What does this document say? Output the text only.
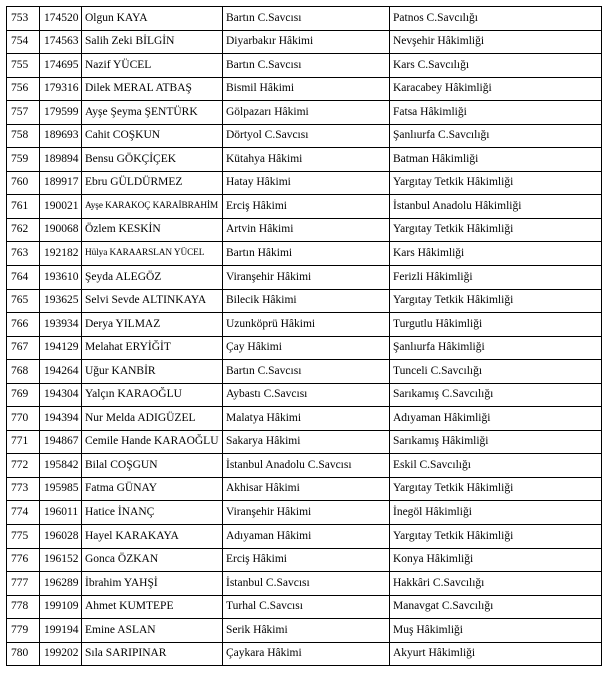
753	174520	Olgun KAYA	Bartın C.Savcısı	Patnos C.Savcılığı
754	174563	Salih Zeki BİLGİN	Diyarbakır Hâkimi	Nevşehir Hâkimliği
755	174695	Nazif YÜCEL	Bartın C.Savcısı	Kars C.Savcılığı
756	179316	Dilek MERAL ATBAŞ	Bismil Hâkimi	Karacabey Hâkimliği
757	179599	Ayşe Şeyma ŞENTÜRK	Gölpazarı Hâkimi	Fatsa Hâkimliği
758	189693	Cahit COŞKUN	Dörtyol C.Savcısı	Şanlıurfa C.Savcılığı
759	189894	Bensu GÖKÇİÇEK	Kütahya Hâkimi	Batman Hâkimliği
760	189917	Ebru GÜLDÜRMEZ	Hatay Hâkimi	Yargıtay Tetkik Hâkimliği
761	190021	Ayşe KARAKOÇ KARAİBRAHİM	Erciş Hâkimi	İstanbul Anadolu Hâkimliği
762	190068	Özlem KESKİN	Artvin Hâkimi	Yargıtay Tetkik Hâkimliği
763	192182	Hülya KARAARSLAN YÜCEL	Bartın Hâkimi	Kars Hâkimliği
764	193610	Şeyda ALEGÖZ	Viranşehir Hâkimi	Ferizli Hâkimliği
765	193625	Selvi Sevde ALTINKAYA	Bilecik Hâkimi	Yargıtay Tetkik Hâkimliği
766	193934	Derya YILMAZ	Uzunköprü Hâkimi	Turgutlu Hâkimliği
767	194129	Melahat ERYİĞİT	Çay Hâkimi	Şanlıurfa Hâkimliği
768	194264	Uğur KANBİR	Bartın C.Savcısı	Tunceli C.Savcılığı
769	194304	Yalçın KARAOĞLU	Aybastı C.Savcısı	Sarıkamış C.Savcılığı
770	194394	Nur Melda ADIGÜZEL	Malatya Hâkimi	Adıyaman Hâkimliği
771	194867	Cemile Hande KARAOĞLU	Sakarya Hâkimi	Sarıkamış Hâkimliği
772	195842	Bilal COŞGUN	İstanbul Anadolu C.Savcısı	Eskil C.Savcılığı
773	195985	Fatma GÜNAY	Akhisar Hâkimi	Yargıtay Tetkik Hâkimliği
774	196011	Hatice İNANÇ	Viranşehir Hâkimi	İnegöl Hâkimliği
775	196028	Hayel KARAKAYA	Adıyaman Hâkimi	Yargıtay Tetkik Hâkimliği
776	196152	Gonca ÖZKAN	Erciş Hâkimi	Konya Hâkimliği
777	196289	İbrahim YAHŞİ	İstanbul C.Savcısı	Hakkâri C.Savcılığı
778	199109	Ahmet KUMTEPE	Turhal C.Savcısı	Manavgat C.Savcılığı
779	199194	Emine ASLAN	Serik Hâkimi	Muş Hâkimliği
780	199202	Sıla SARIPINAR	Çaykara Hâkimi	Akyurt Hâkimliği
